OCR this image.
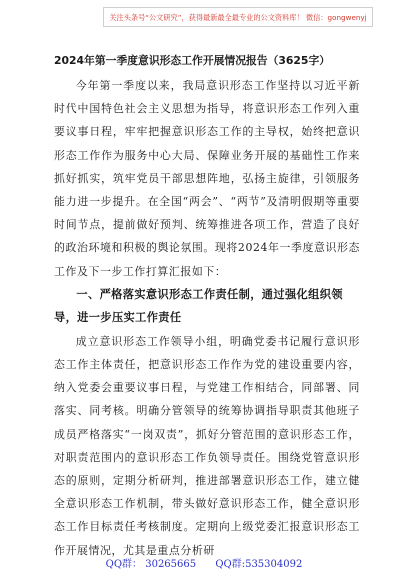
关注头条号“公文研究”，获得最新最全最专业的公文资料库！ 微信：gongwenyj
2024年第一季度意识形态工作开展情况报告（3625字）

今年第一季度以来，我局意识形态工作坚持以习近平新时代中国特色社会主义思想为指导，将意识形态工作列入重要议事日程，牢牢把握意识形态工作的主导权，始终把意识形态工作作为服务中心大局、保障业务开展的基础性工作来抓好抓实，筑牢党员干部思想阵地，弘扬主旋律，引领服务能力进一步提升。在全国“两会”、“两节”及清明假期等重要时间节点，提前做好预判、统筹推进各项工作，营造了良好的政治环境和积极的舆论氛围。现将2024年一季度意识形态工作及下一步工作打算汇报如下：

一、严格落实意识形态工作责任制，通过强化组织领导，进一步压实工作责任

成立意识形态工作领导小组，明确党委书记履行意识形态工作主体责任，把意识形态工作作为党的建设重要内容，纳入党委会重要议事日程，与党建工作相结合，同部署、同落实、同考核。明确分管领导的统筹协调指导职责其他班子成员严格落实“一岗双责”，抓好分管范围的意识形态工作，对职责范围内的意识形态工作负领导责任。围绕党管意识形态的原则，定期分析研判，推进部署意识形态工作，建立健全意识形态工作机制，带头做好意识形态工作，健全意识形态工作目标责任考核制度。定期向上级党委汇报意识形态工作开展情况，尤其是重点分析研

QQ群： 30265665 QQ群:535304092
